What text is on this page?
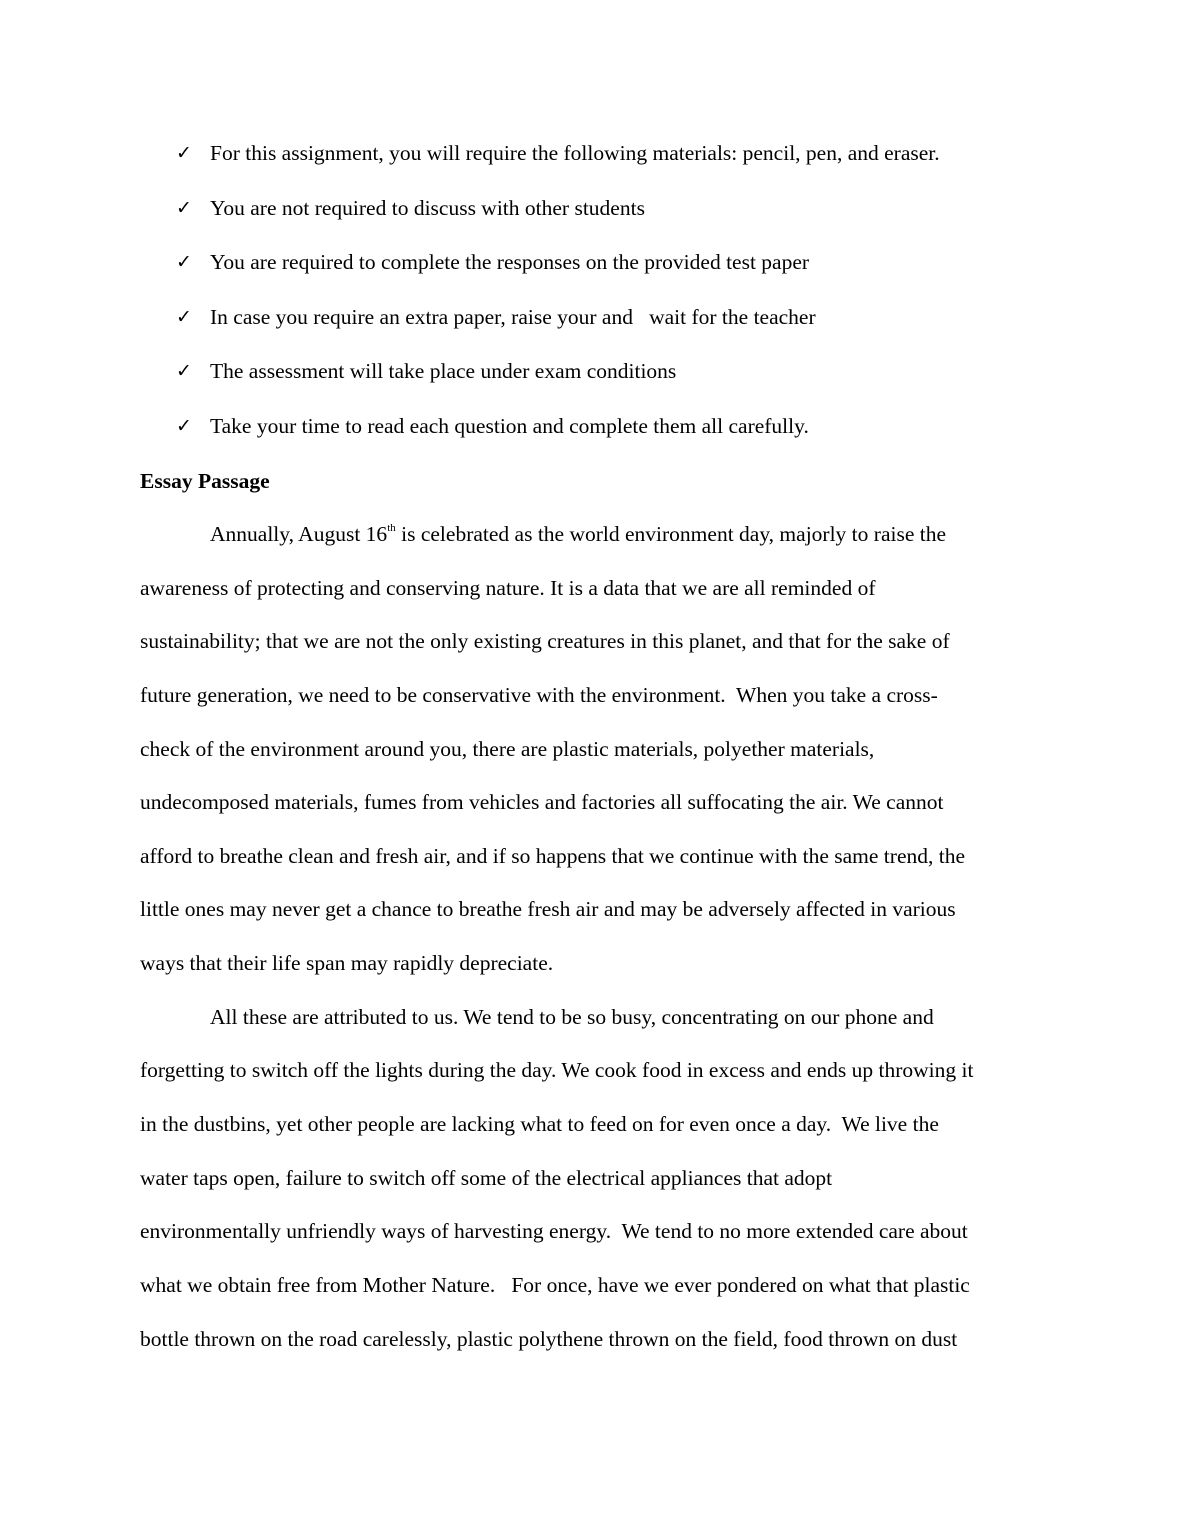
✓

For this assignment, you will require the following materials: pencil, pen, and eraser.

✓

You are not required to discuss with other students

✓

You are required to complete the responses on the provided test paper

✓

In case you require an extra paper, raise your and   wait for the teacher

✓

The assessment will take place under exam conditions

✓

Take your time to read each question and complete them all carefully.

Essay Passage

Annually, August 16th is celebrated as the world environment day, majorly to raise the
awareness of protecting and conserving nature. It is a data that we are all reminded of
sustainability; that we are not the only existing creatures in this planet, and that for the sake of
future generation, we need to be conservative with the environment.  When you take a cross-
check of the environment around you, there are plastic materials, polyether materials,
undecomposed materials, fumes from vehicles and factories all suffocating the air. We cannot
afford to breathe clean and fresh air, and if so happens that we continue with the same trend, the
little ones may never get a chance to breathe fresh air and may be adversely affected in various
ways that their life span may rapidly depreciate.

All these are attributed to us. We tend to be so busy, concentrating on our phone and
forgetting to switch off the lights during the day. We cook food in excess and ends up throwing it
in the dustbins, yet other people are lacking what to feed on for even once a day.  We live the
water taps open, failure to switch off some of the electrical appliances that adopt
environmentally unfriendly ways of harvesting energy.  We tend to no more extended care about
what we obtain free from Mother Nature.   For once, have we ever pondered on what that plastic
bottle thrown on the road carelessly, plastic polythene thrown on the field, food thrown on dust
